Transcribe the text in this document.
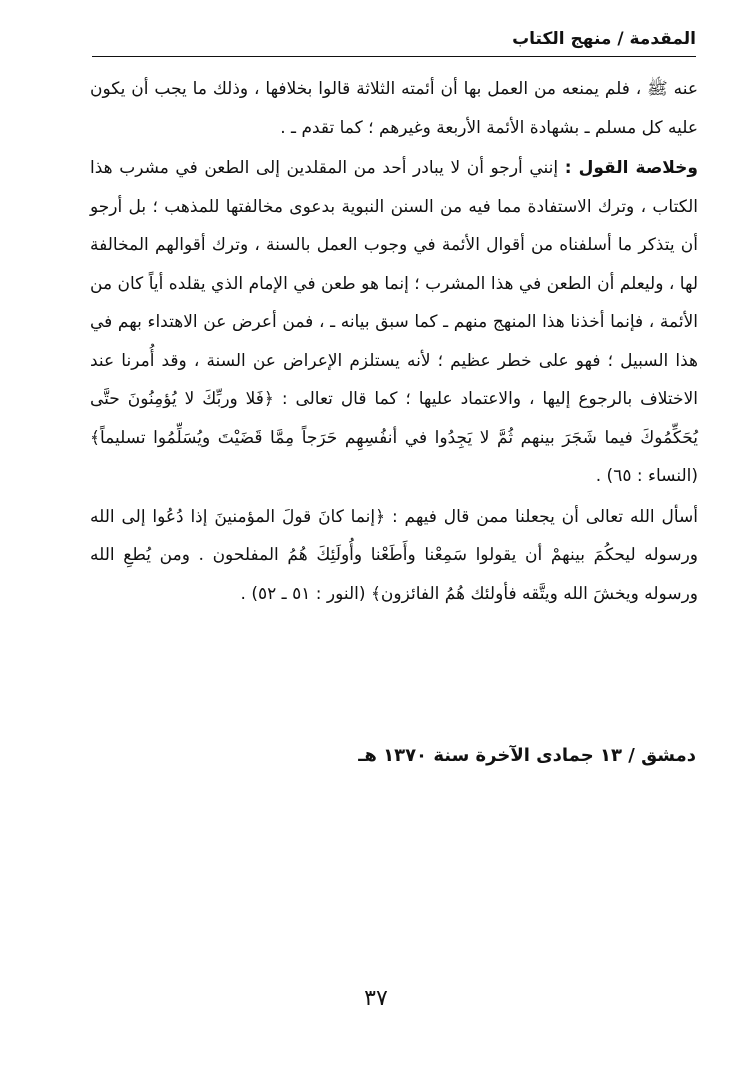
المقدمة / منهج الكتاب

عنه ﷺ ، فلم يمنعه من العمل بها أن أئمته الثلاثة قالوا بخلافها ، وذلك ما يجب أن يكون عليه كل مسلم ـ بشهادة الأئمة الأربعة وغيرهم ؛ كما تقدم ـ .

وخلاصة القول : إنني أرجو أن لا يبادر أحد من المقلدين إلى الطعن في مشرب هذا الكتاب ، وترك الاستفادة مما فيه من السنن النبوية بدعوى مخالفتها للمذهب ؛ بل أرجو أن يتذكر ما أسلفناه من أقوال الأئمة في وجوب العمل بالسنة ، وترك أقوالهم المخالفة لها ، وليعلم أن الطعن في هذا المشرب ؛ إنما هو طعن في الإمام الذي يقلده أياً كان من الأئمة ، فإنما أخذنا هذا المنهج منهم ـ كما سبق بيانه ـ ، فمن أعرض عن الاهتداء بهم في هذا السبيل ؛ فهو على خطر عظيم ؛ لأنه يستلزم الإعراض عن السنة ، وقد أُمرنا عند الاختلاف بالرجوع إليها ، والاعتماد عليها ؛ كما قال تعالى : ﴿فَلا وربِّكَ لا يُؤمِنُونَ حتَّى يُحَكِّمُوكَ فيما شَجَرَ بينهم ثُمَّ لا يَجِدُوا في أنفُسِهِم حَرَجاً مِمَّا قَضَيْتَ ويُسَلِّمُوا تسليماً﴾ (النساء : ٦٥) .

أسأل الله تعالى أن يجعلنا ممن قال فيهم : ﴿إنما كانَ قولَ المؤمنينَ إذا دُعُوا إلى الله ورسوله ليحكُمَ بينهمْ أن يقولوا سَمِعْنا وأَطَعْنا وأُولَئِكَ هُمُ المفلحون . ومن يُطعِ الله ورسوله ويخشَ الله ويتَّقه فأولئك هُمُ الفائزون﴾ (النور : ٥١ ـ ٥٢) .

دمشق / ١٣ جمادى الآخرة سنة ١٣٧٠ هـ
٣٧
